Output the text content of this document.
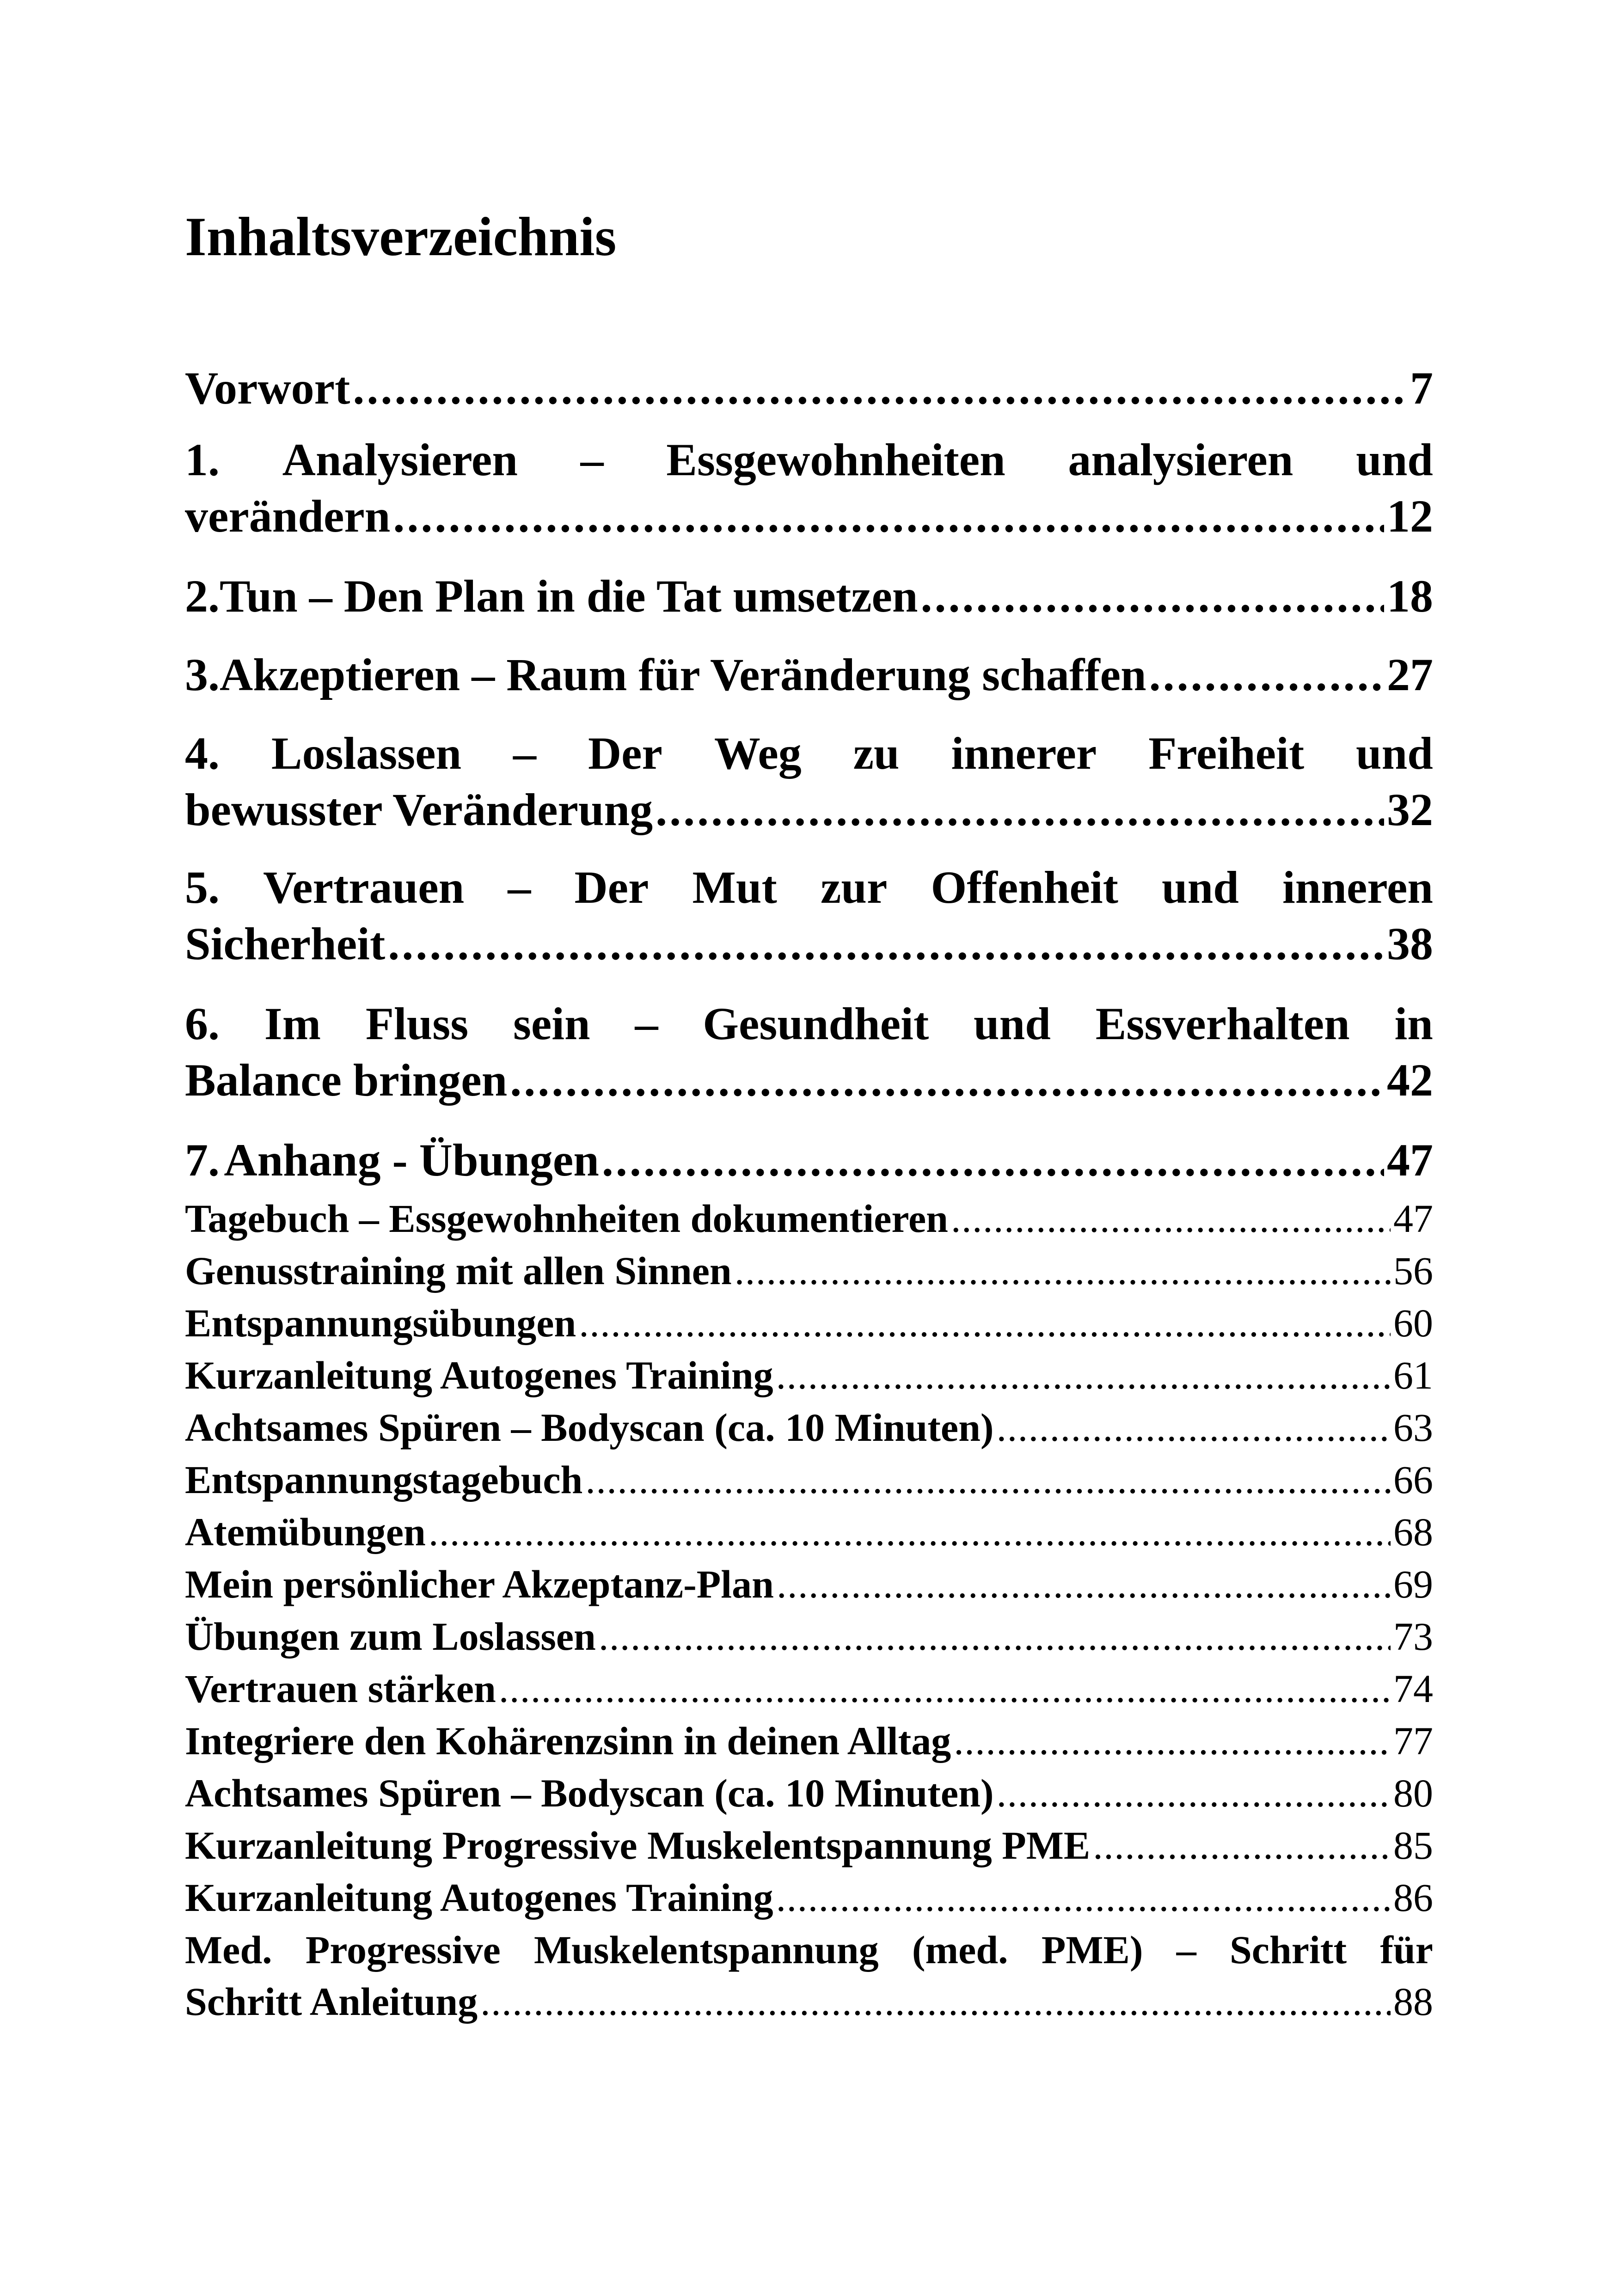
Inhaltsverzeichnis
Vorwort . . .	7
1. Analysieren – Essgewohnheiten analysieren und
verändern . . .	12
2. Tun – Den Plan in die Tat umsetzen . . .	18
3. Akzeptieren – Raum für Veränderung schaffen . . .	27
4. Loslassen – Der Weg zu innerer Freiheit und
bewusster Veränderung . . .	32
5. Vertrauen – Der Mut zur Offenheit und inneren
Sicherheit . . .	38
6. Im Fluss sein – Gesundheit und Essverhalten in
Balance bringen . . .	42
7. Anhang - Übungen . . .	47
Tagebuch – Essgewohnheiten dokumentieren . . .	47
Genusstraining mit allen Sinnen . . .	56
Entspannungsübungen . . .	60
Kurzanleitung Autogenes Training . . .	61
Achtsames Spüren – Bodyscan (ca. 10 Minuten) . . .	63
Entspannungstagebuch . . .	66
Atemübungen . . .	68
Mein persönlicher Akzeptanz-Plan . . .	69
Übungen zum Loslassen . . .	73
Vertrauen stärken . . .	74
Integriere den Kohärenzsinn in deinen Alltag . . .	77
Achtsames Spüren – Bodyscan (ca. 10 Minuten) . . .	80
Kurzanleitung Progressive Muskelentspannung PME . . .	85
Kurzanleitung Autogenes Training . . .	86
Med. Progressive Muskelentspannung (med. PME) – Schritt für
Schritt Anleitung . . .	88
